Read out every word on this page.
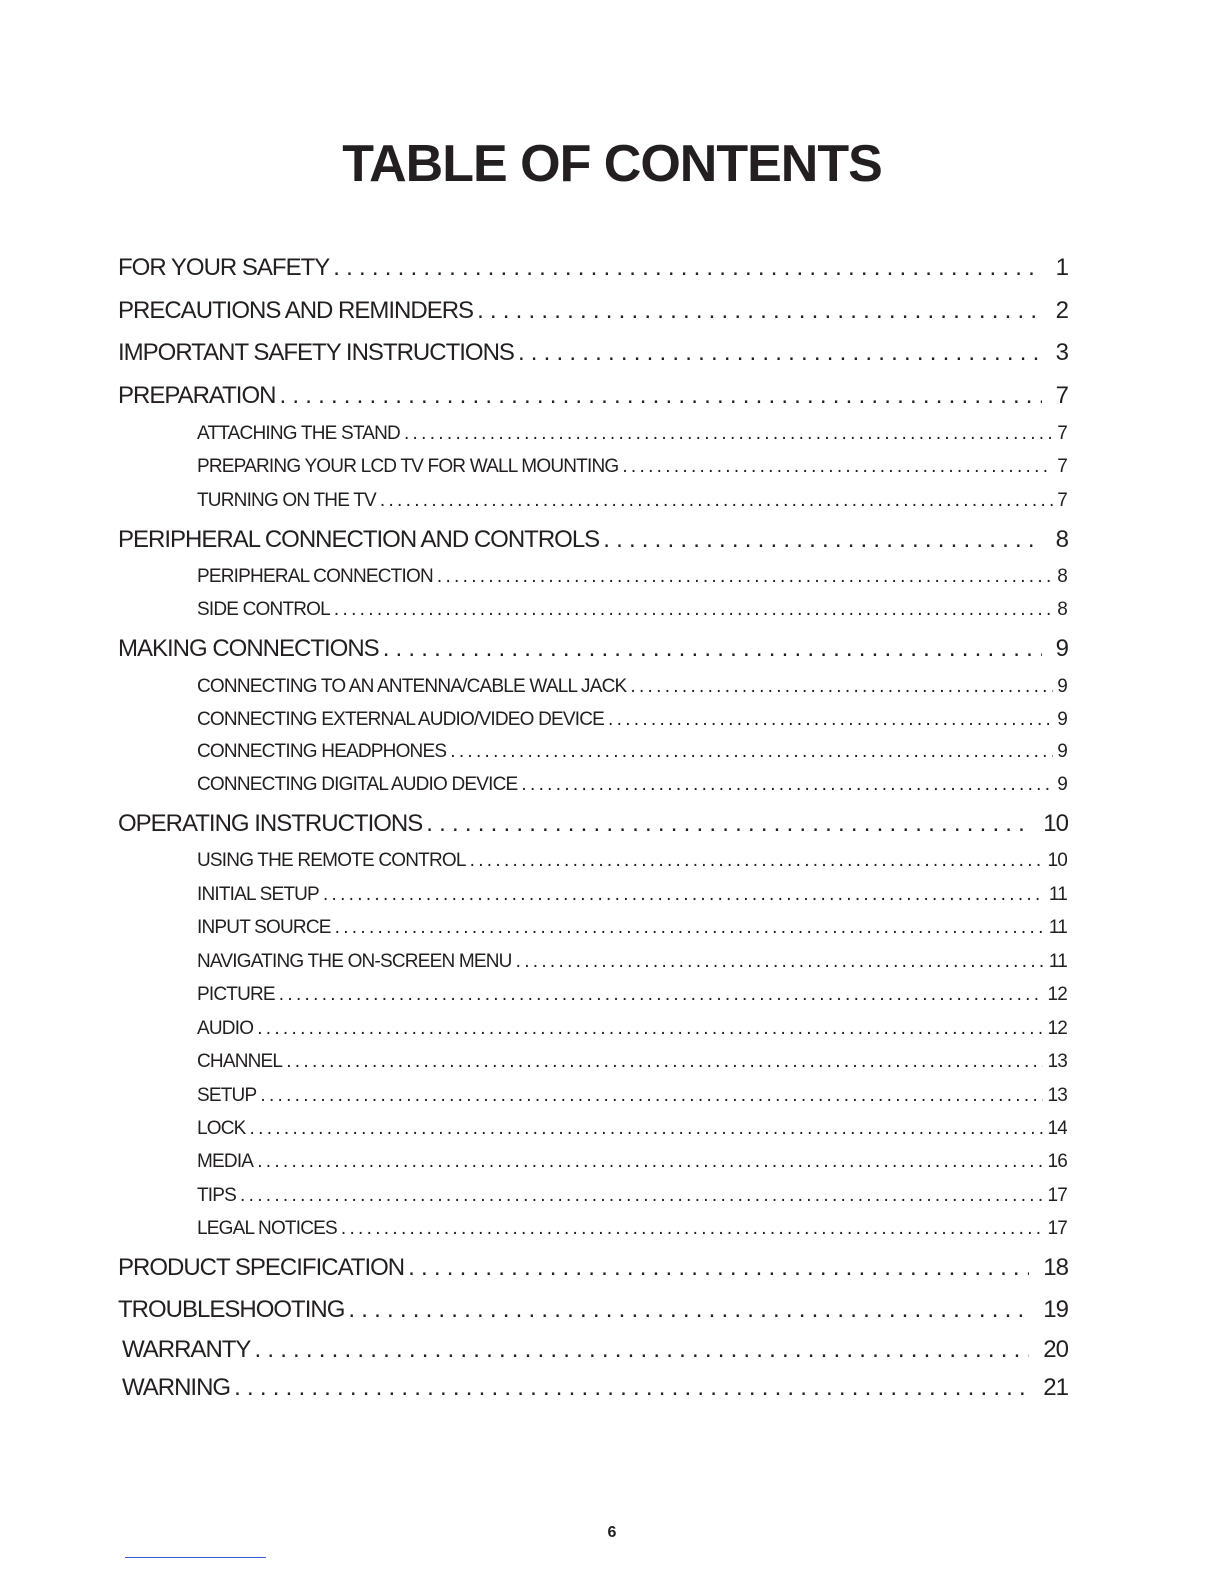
TABLE OF CONTENTS
FOR YOUR SAFETY .....	1
PRECAUTIONS AND REMINDERS .....	2
IMPORTANT SAFETY INSTRUCTIONS .....	3
PREPARATION .....	7
ATTACHING THE STAND .....	7
PREPARING YOUR LCD TV FOR WALL MOUNTING .....	7
TURNING ON THE TV .....	7
PERIPHERAL CONNECTION AND CONTROLS .....	8
PERIPHERAL CONNECTION .....	8
SIDE CONTROL .....	8
MAKING CONNECTIONS .....	9
CONNECTING TO AN ANTENNA/CABLE WALL JACK .....	9
CONNECTING EXTERNAL AUDIO/VIDEO DEVICE .....	9
CONNECTING HEADPHONES .....	9
CONNECTING DIGITAL AUDIO DEVICE .....	9
OPERATING INSTRUCTIONS .....	10
USING THE REMOTE CONTROL .....	10
INITIAL SETUP .....	11
INPUT SOURCE .....	11
NAVIGATING THE ON-SCREEN MENU .....	11
PICTURE .....	12
AUDIO .....	12
CHANNEL .....	13
SETUP .....	13
LOCK .....	14
MEDIA .....	16
TIPS .....	17
LEGAL NOTICES .....	17
PRODUCT SPECIFICATION .....	18
TROUBLESHOOTING .....	19
WARRANTY .....	20
WARNING .....	21
6
